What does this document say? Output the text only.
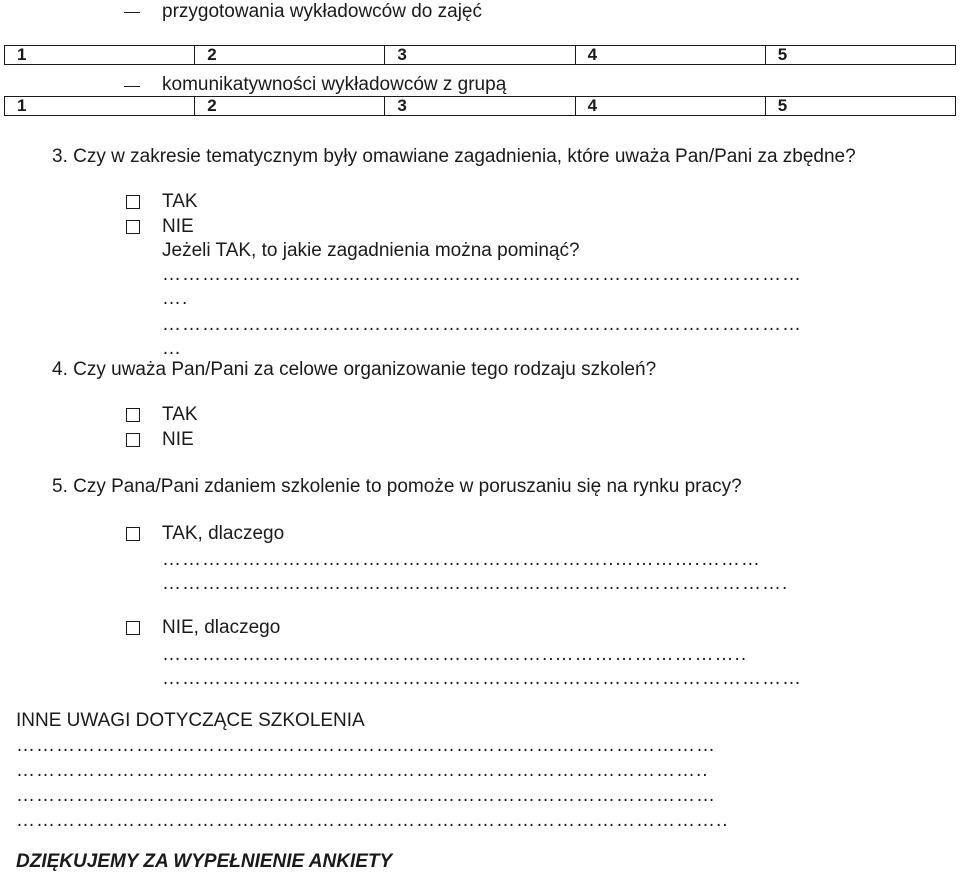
przygotowania wykładowców do zajęć
1	2	3	4	5
komunikatywności wykładowców z grupą
1	2	3	4	5
3. Czy w zakresie tematycznym były omawiane zagadnienia, które uważa Pan/Pani za zbędne?
TAK
NIE
Jeżeli TAK, to jakie zagadnienia można pominąć?
……………………………………………………………………………………
….
……………………………………………………………………………………
…
4. Czy uważa Pan/Pani za celowe organizowanie tego rodzaju szkoleń?
TAK
NIE
5. Czy Pana/Pani zdaniem szkolenie to pomoże w poruszaniu się na rynku pracy?
TAK, dlaczego
…………………………………………………………..………….………
………………………………………………………………………………….
NIE, dlaczego
…………………………………………………..………………………..
……………………………………………………………………………………
INNE UWAGI DOTYCZĄCE SZKOLENIA
……………………………………………………………………………………………
…………………………………………………………………………………………..
……………………………………………………………………………………………
……………………………………………………………………………………………..
DZIĘKUJEMY ZA WYPEŁNIENIE ANKIETY
